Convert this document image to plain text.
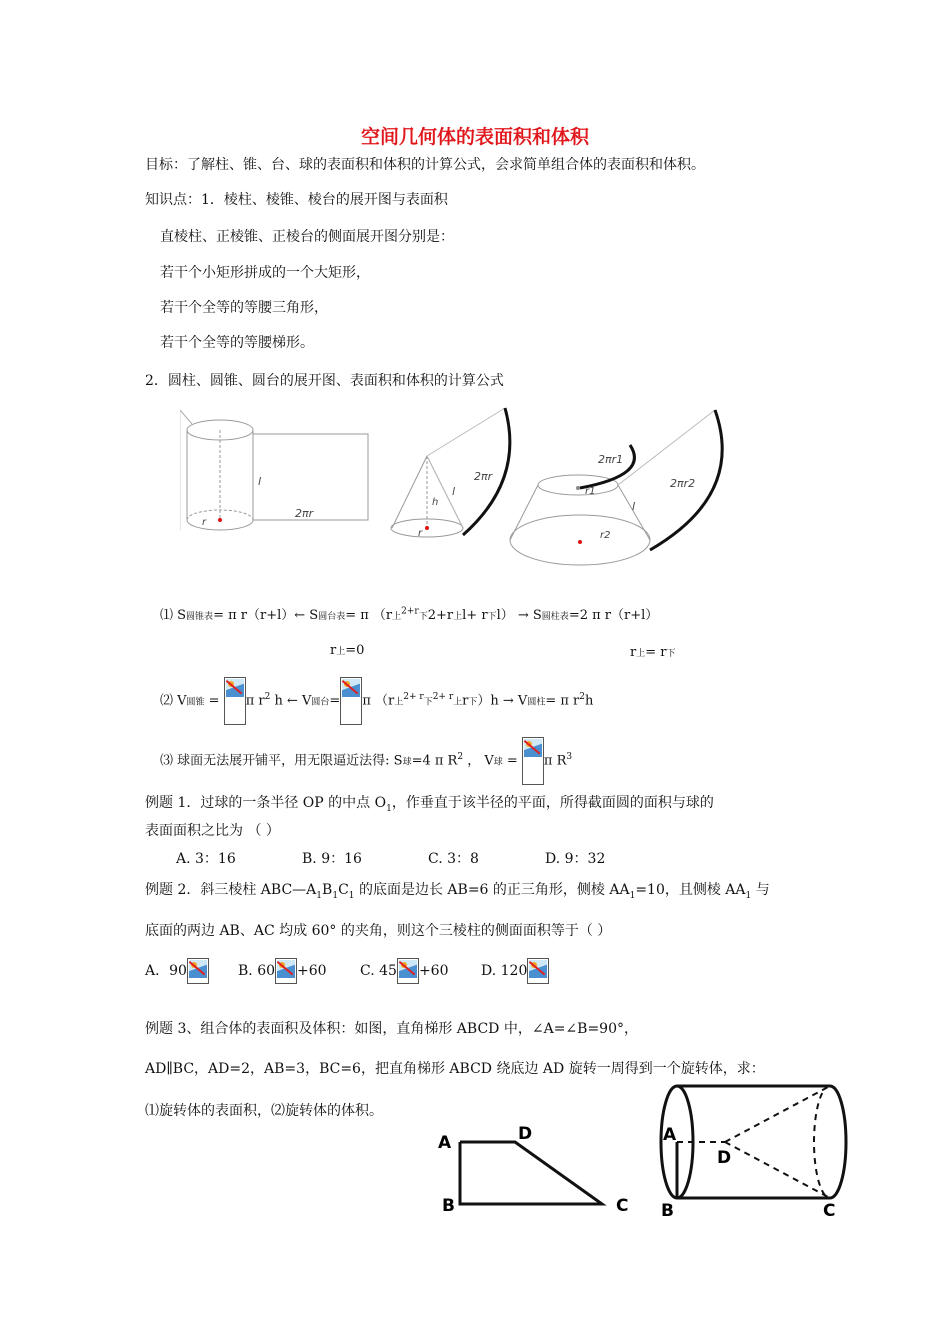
空间几何体的表面积和体积
目标：了解柱、锥、台、球的表面积和体积的计算公式，会求简单组合体的表面积和体积。
知识点：1．棱柱、棱锥、棱台的展开图与表面积
直棱柱、正棱锥、正棱台的侧面展开图分别是：
若干个小矩形拼成的一个大矩形，
若干个全等的等腰三角形，
若干个全等的等腰梯形。
2．圆柱、圆锥、圆台的展开图、表面积和体积的计算公式
r
l
2πr
h
r
l
2πr
r1
r2
l
2πr1
2πr2
⑴ S圆锥表= π r（r+l）← S圆台表= π （r上$^{2+r}$下2+r上l+ r下l） → S圆柱表=2 π r（r+l）
r上=0	r上= r下
⑵ V圆锥 =
π $r^2$ h ← V圆台= π （r上$^{2+ r}$下$^{2+ r}$上r下）h → V圆柱= π $r^2h$
⑶ 球面无法展开铺平，用无限逼近法得: S球=4 π $R^2$ ， V球 =
π $R^3$
例题 1．过球的一条半径 OP 的中点 $O_1$，作垂直于该半径的平面，所得截面圆的面积与球的
表面面积之比为 （ ）
A. 3：16	B. 9：16	C. 3：8	D. 9：32
例题 2．斜三棱柱 $ABC—A_1B_1C_1$ 的底面是边长 AB=6 的正三角形，侧棱 $AA_1=10$，且侧棱 $AA_1$ 与
底面的两边 AB、AC 均成 60° 的夹角，则这个三棱柱的侧面面积等于（ ）
A．90	B. 60 +60 C. 45 +60 D. 120
例题 3、组合体的表面积及体积：如图，直角梯形 ABCD 中，∠A=∠B=90°，
AD∥BC，AD=2，AB=3，BC=6，把直角梯形 ABCD 绕底边 AD 旋转一周得到一个旋转体，求：
⑴旋转体的表面积，⑵旋转体的体积。
A	D
B	C
A
D
B	C
